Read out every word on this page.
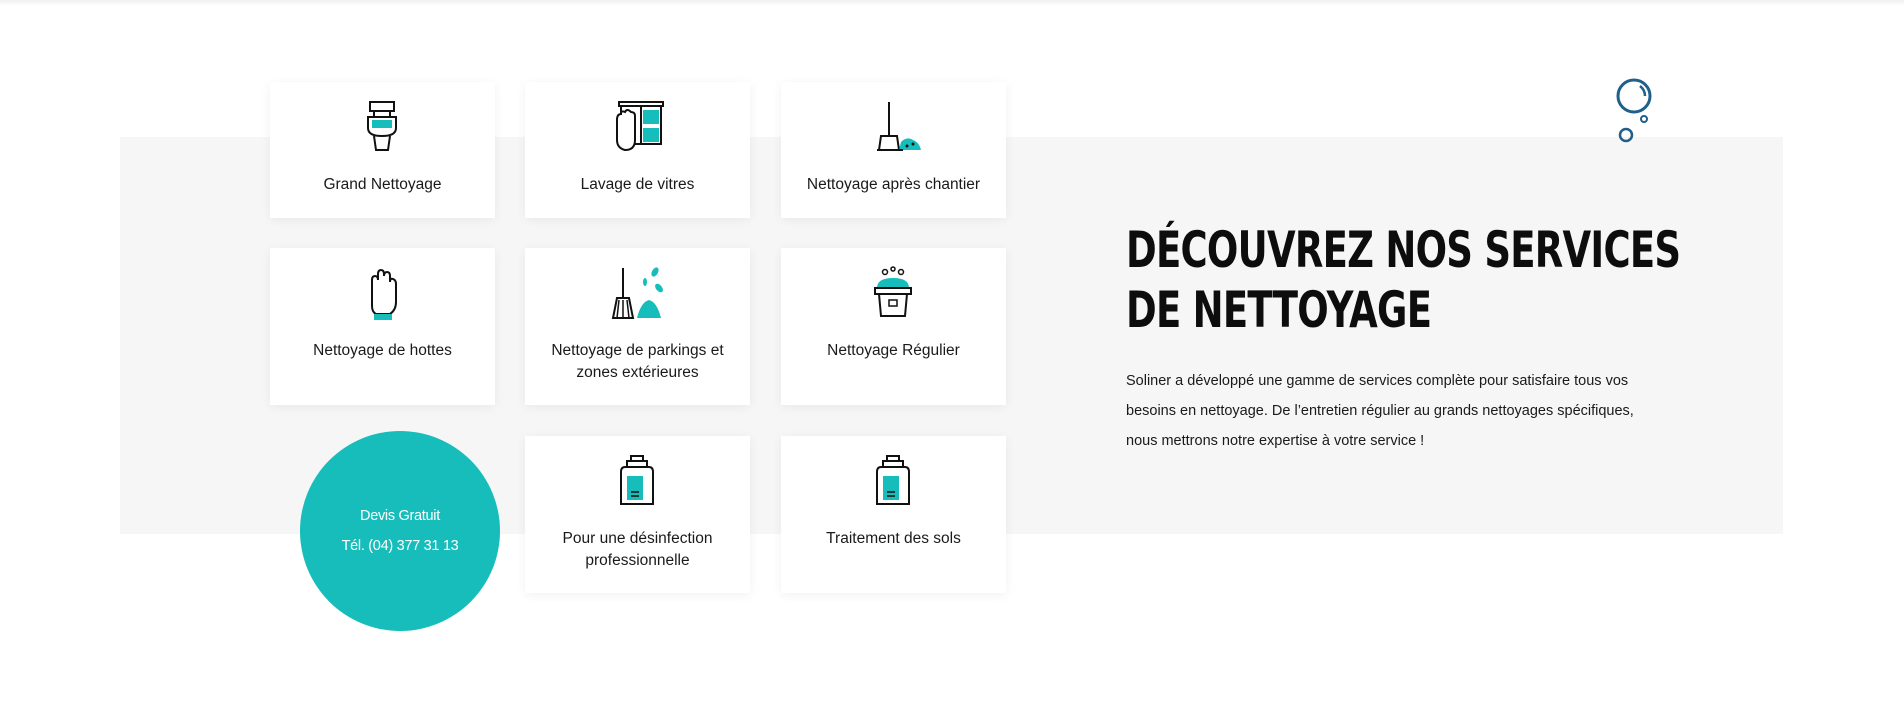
Grand Nettoyage	Lavage de vitres	Nettoyage après chantier
Nettoyage de hottes	Nettoyage de parkings et zones extérieures
Nettoyage Régulier
Devis Gratuit
Tél. (04) 377 31 13	Pour une désinfection professionnelle
Traitement des sols
DÉCOUVREZ NOS SERVICES DE NETTOYAGE

Soliner a développé une gamme de services complète pour satisfaire tous vos besoins en nettoyage. De l’entretien régulier au grands nettoyages spécifiques, nous mettrons notre expertise à votre service !
